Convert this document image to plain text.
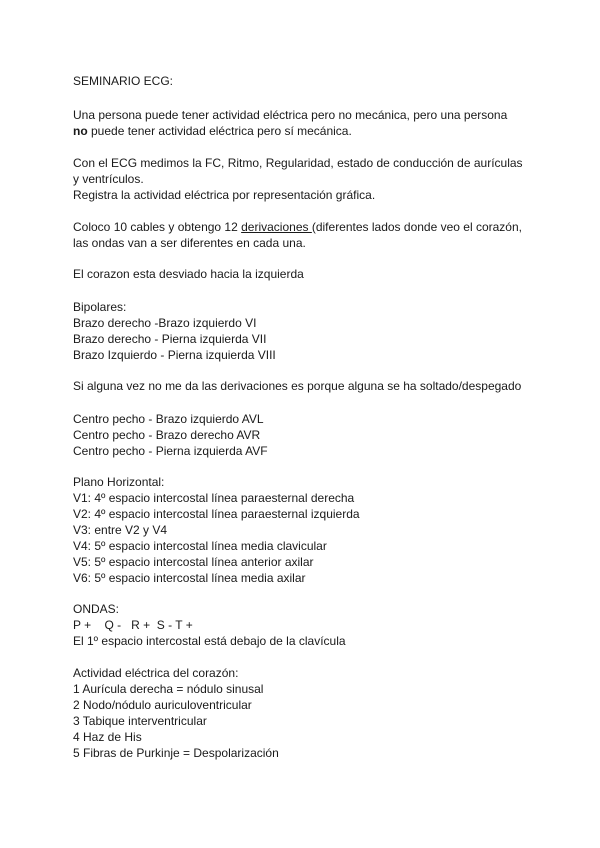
SEMINARIO ECG:
Una persona puede tener actividad eléctrica pero no mecánica, pero una persona
no puede tener actividad eléctrica pero sí mecánica.
Con el ECG medimos la FC, Ritmo, Regularidad, estado de conducción de aurículas
y ventrículos.
Registra la actividad eléctrica por representación gráfica.
Coloco 10 cables y obtengo 12 derivaciones (diferentes lados donde veo el corazón,
las ondas van a ser diferentes en cada una.
El corazon esta desviado hacia la izquierda
Bipolares:
Brazo derecho -Brazo izquierdo VI
Brazo derecho - Pierna izquierda VII
Brazo Izquierdo - Pierna izquierda VIII
Si alguna vez no me da las derivaciones es porque alguna se ha soltado/despegado
Centro pecho - Brazo izquierdo AVL
Centro pecho - Brazo derecho AVR
Centro pecho - Pierna izquierda AVF
Plano Horizontal:
V1: 4º espacio intercostal línea paraesternal derecha
V2: 4º espacio intercostal línea paraesternal izquierda
V3: entre V2 y V4
V4: 5º espacio intercostal línea media clavicular
V5: 5º espacio intercostal línea anterior axilar
V6: 5º espacio intercostal línea media axilar
ONDAS:
P +    Q -   R +  S - T +
El 1º espacio intercostal está debajo de la clavícula
Actividad eléctrica del corazón:
1 Aurícula derecha = nódulo sinusal
2 Nodo/nódulo auriculoventricular
3 Tabique interventricular
4 Haz de His
5 Fibras de Purkinje = Despolarización
